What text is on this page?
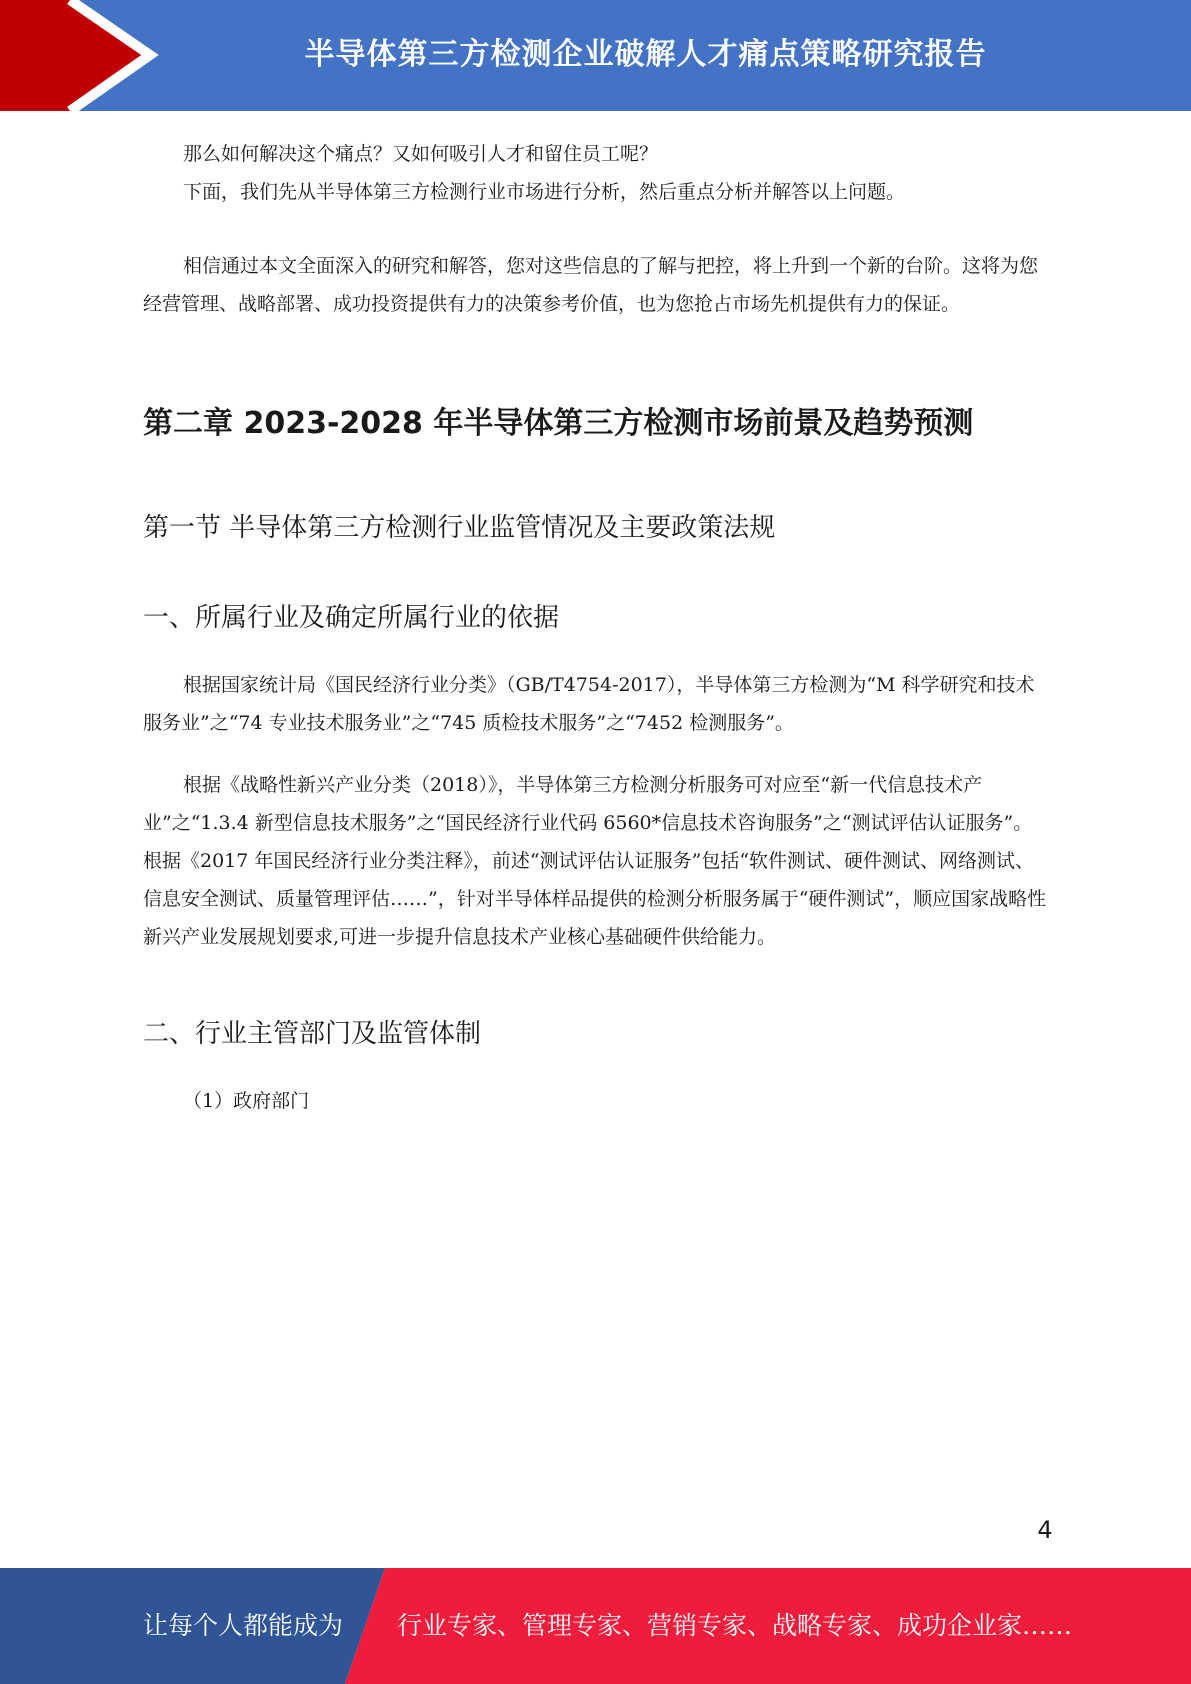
半导体第三方检测企业破解人才痛点策略研究报告

那么如何解决这个痛点？又如何吸引人才和留住员工呢？

下面，我们先从半导体第三方检测行业市场进行分析，然后重点分析并解答以上问题。

相信通过本文全面深入的研究和解答，您对这些信息的了解与把控，将上升到一个新的台阶。这将为您经营管理、战略部署、成功投资提供有力的决策参考价值，也为您抢占市场先机提供有力的保证。

第二章 2023-2028 年半导体第三方检测市场前景及趋势预测
第一节 半导体第三方检测行业监管情况及主要政策法规
一、所属行业及确定所属行业的依据

根据国家统计局《国民经济行业分类》（GB/T4754-2017），半导体第三方检测为“M 科学研究和技术服务业”之“74 专业技术服务业”之“745 质检技术服务”之“7452 检测服务”。

根据《战略性新兴产业分类（2018）》，半导体第三方检测分析服务可对应至“新一代信息技术产业”之“1.3.4 新型信息技术服务”之“国民经济行业代码 6560*信息技术咨询服务”之“测试评估认证服务”。根据《2017 年国民经济行业分类注释》，前述“测试评估认证服务”包括“软件测试、硬件测试、网络测试、信息安全测试、质量管理评估……”，针对半导体样品提供的检测分析服务属于“硬件测试”，顺应国家战略性新兴产业发展规划要求,可进一步提升信息技术产业核心基础硬件供给能力。

二、行业主管部门及监管体制

（1）政府部门

4
让每个人都能成为 行业专家、管理专家、营销专家、战略专家、成功企业家……
